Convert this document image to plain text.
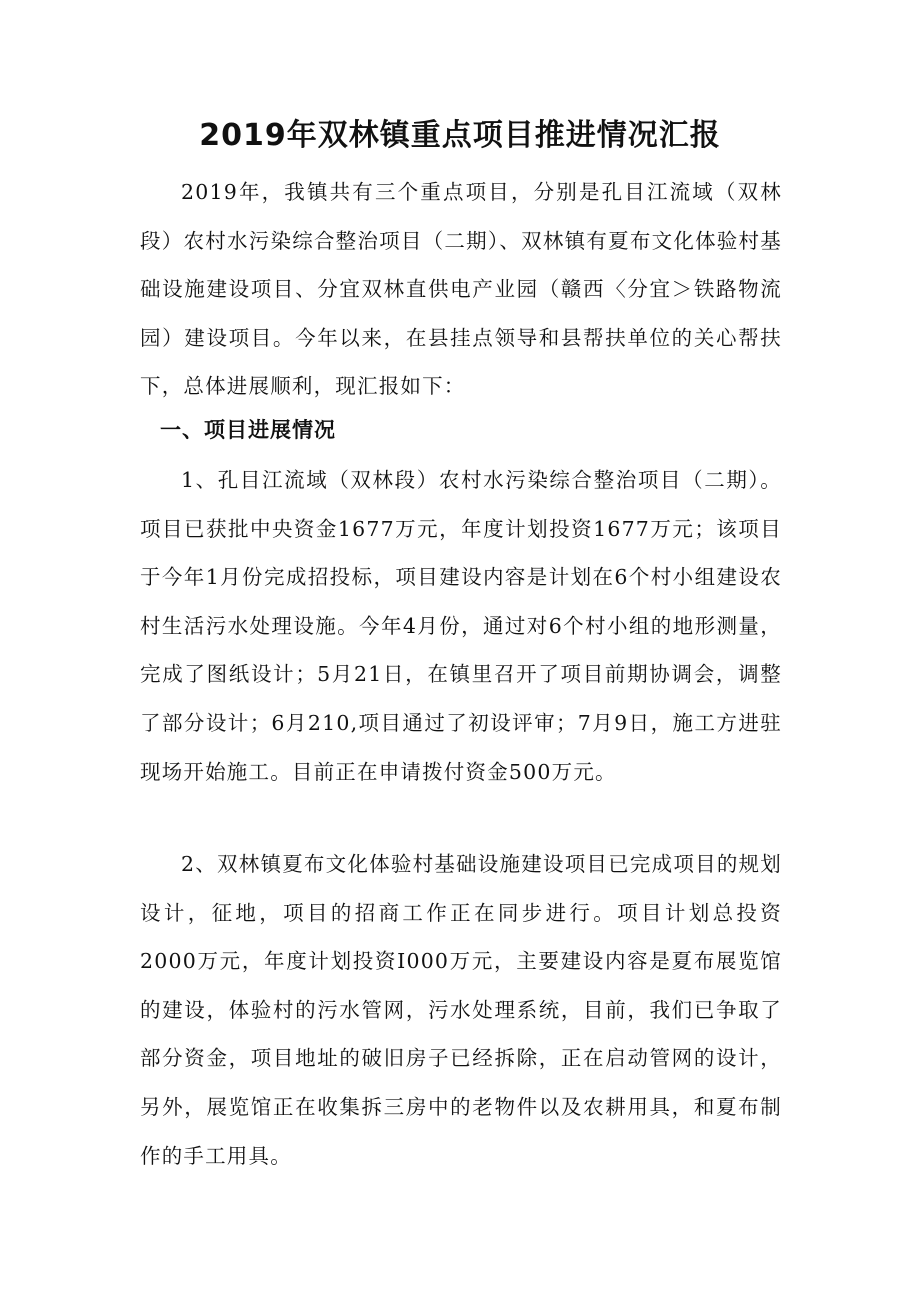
2019年双林镇重点项目推进情况汇报

2019年，我镇共有三个重点项目，分别是孔目江流域（双林段）农村水污染综合整治项目（二期）、双林镇有夏布文化体验村基础设施建设项目、分宜双林直供电产业园（赣西〈分宜＞铁路物流园）建设项目。今年以来，在县挂点领导和县帮扶单位的关心帮扶下，总体进展顺利，现汇报如下：

一、项目进展情况

1、孔目江流域（双林段）农村水污染综合整治项目（二期）。项目已获批中央资金1677万元，年度计划投资1677万元；该项目于今年1月份完成招投标，项目建设内容是计划在6个村小组建设农村生活污水处理设施。今年4月份，通过对6个村小组的地形测量，完成了图纸设计；5月21日，在镇里召开了项目前期协调会，调整了部分设计；6月210,项目通过了初设评审；7月9日，施工方进驻现场开始施工。目前正在申请拨付资金500万元。

2、双林镇夏布文化体验村基础设施建设项目已完成项目的规划设计，征地，项目的招商工作正在同步进行。项目计划总投资2000万元，年度计划投资I000万元，主要建设内容是夏布展览馆的建设，体验村的污水管网，污水处理系统，目前，我们已争取了部分资金，项目地址的破旧房子已经拆除，正在启动管网的设计，另外，展览馆正在收集拆三房中的老物件以及农耕用具，和夏布制作的手工用具。
